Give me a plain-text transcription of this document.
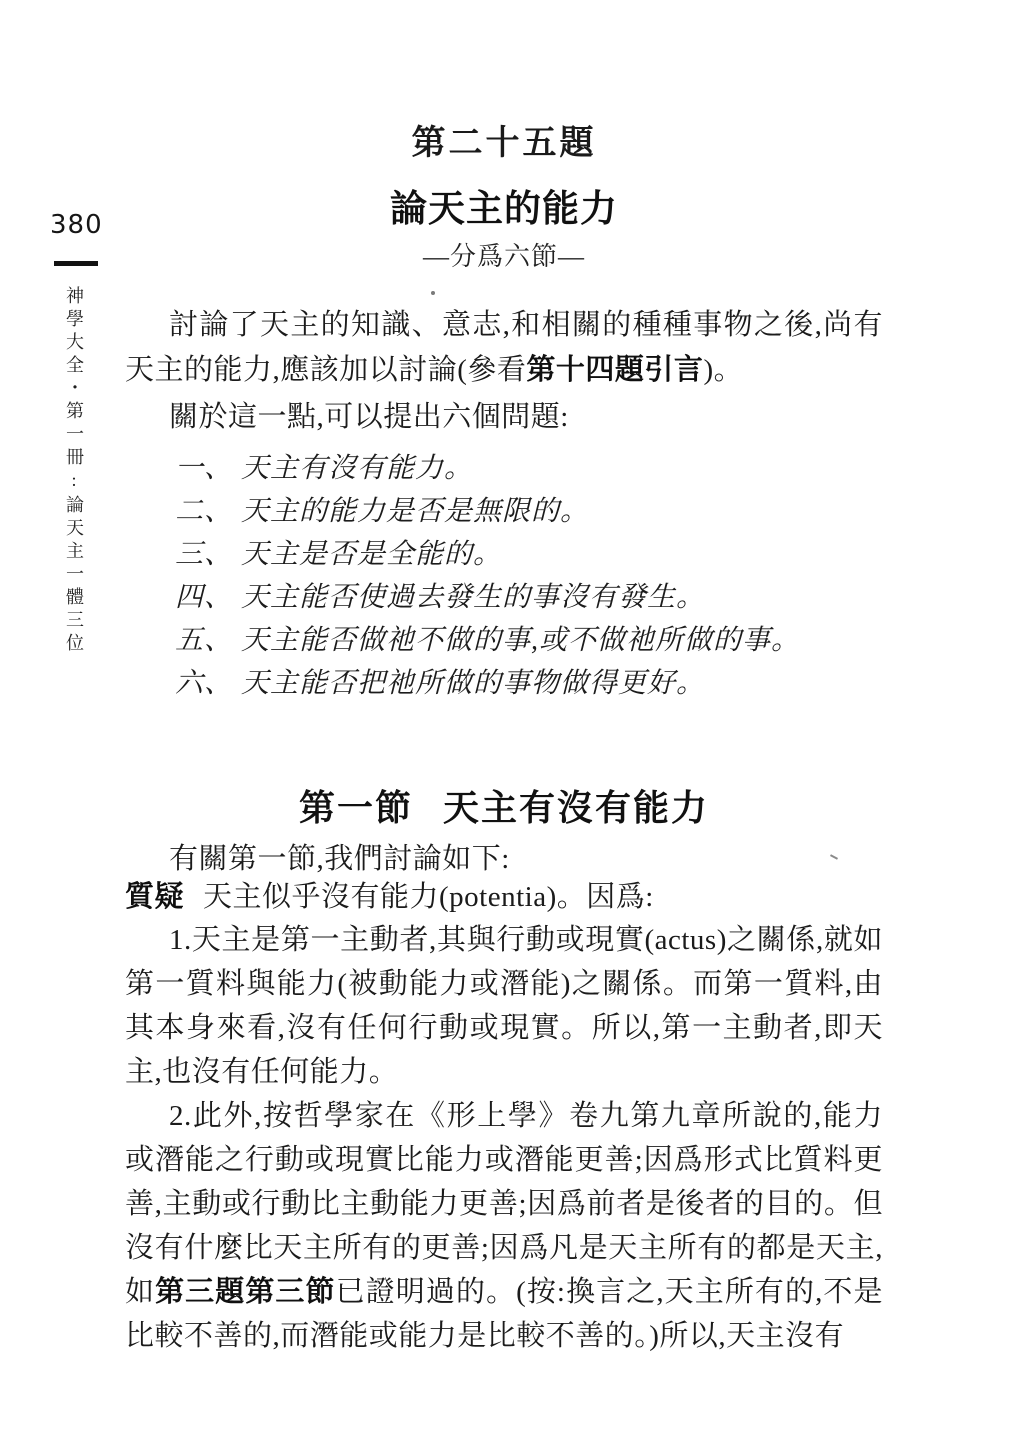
380
神學大全・第一冊:論天主一體三位
第二十五題
論天主的能力
—分爲六節—

討論了天主的知識、意志,和相關的種種事物之後,尚有天主的能力,應該加以討論(參看第十四題引言)。

關於這一點,可以提出六個問題:

一、 天主有沒有能力。
二、 天主的能力是否是無限的。
三、 天主是否是全能的。
四、 天主能否使過去發生的事沒有發生。
五、 天主能否做祂不做的事,或不做祂所做的事。
六、 天主能否把祂所做的事物做得更好。
第一節 天主有沒有能力

有關第一節,我們討論如下:

質疑 天主似乎沒有能力(potentia)。因爲:

1.天主是第一主動者,其與行動或現實(actus)之關係,就如第一質料與能力(被動能力或潛能)之關係。而第一質料,由其本身來看,沒有任何行動或現實。所以,第一主動者,即天主,也沒有任何能力。

2.此外,按哲學家在《形上學》卷九第九章所說的,能力或潛能之行動或現實比能力或潛能更善;因爲形式比質料更善,主動或行動比主動能力更善;因爲前者是後者的目的。但沒有什麼比天主所有的更善;因爲凡是天主所有的都是天主,如第三題第三節已證明過的。(按:換言之,天主所有的,不是比較不善的,而潛能或能力是比較不善的。)所以,天主沒有
